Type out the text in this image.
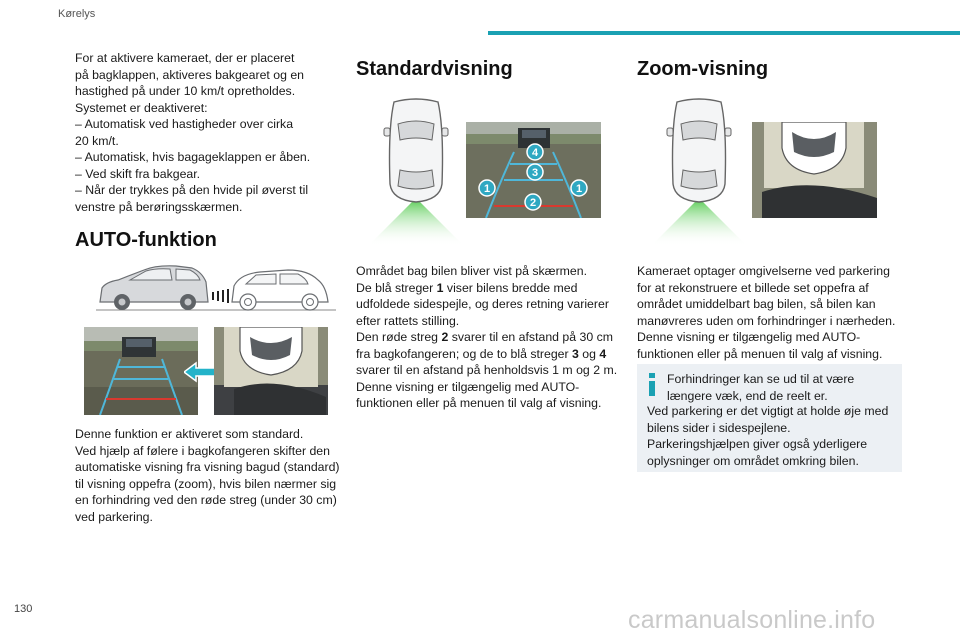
Kørelys

For at aktivere kameraet, der er placeret
på bagklappen, aktiveres bakgearet og en
hastighed på under 10 km/t opretholdes.
Systemet er deaktiveret:
– Automatisk ved hastigheder over cirka
20 km/t.
– Automatisk, hvis bagageklappen er åben.
– Ved skift fra bakgear.
– Når der trykkes på den hvide pil øverst til
venstre på berøringsskærmen.

AUTO-funktion

Denne funktion er aktiveret som standard.
Ved hjælp af følere i bagkofangeren skifter den
automatiske visning fra visning bagud (standard)
til visning oppefra (zoom), hvis bilen nærmer sig
en forhindring ved den røde streg (under 30 cm)
ved parkering.

Standardvisning
4
3
1	1
2

Området bag bilen bliver vist på skærmen.
De blå streger 1 viser bilens bredde med
udfoldede sidespejle, og deres retning varierer
efter rattets stilling.
Den røde streg 2 svarer til en afstand på 30 cm
fra bagkofangeren; og de to blå streger 3 og 4
svarer til en afstand på henholdsvis 1 m og 2 m.
Denne visning er tilgængelig med AUTO-
funktionen eller på menuen til valg af visning.

Zoom-visning

Kameraet optager omgivelserne ved parkering
for at rekonstruere et billede set oppefra af
området umiddelbart bag bilen, så bilen kan
manøvreres uden om forhindringer i nærheden.
Denne visning er tilgængelig med AUTO-
funktionen eller på menuen til valg af visning.

Forhindringer kan se ud til at være
længere væk, end de reelt er.
Ved parkering er det vigtigt at holde øje med
bilens sider i sidespejlene.
Parkeringshjælpen giver også yderligere
oplysninger om området omkring bilen.
130	carmanualsonline.info
